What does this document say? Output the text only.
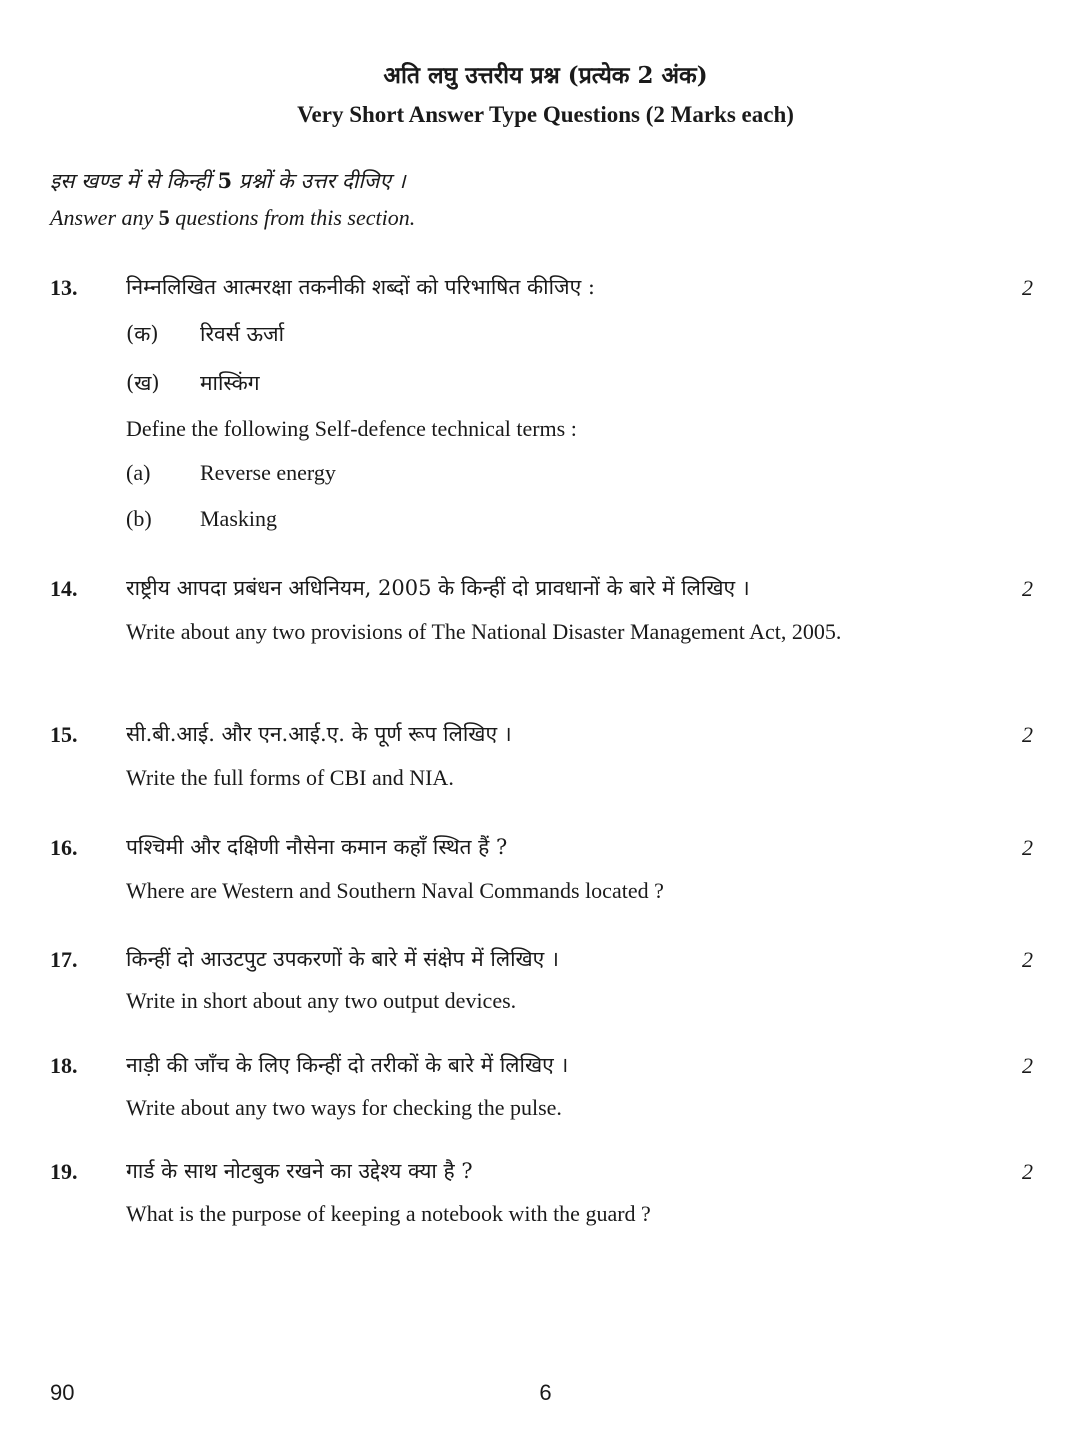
अति लघु उत्तरीय प्रश्न (प्रत्येक 2 अंक)
Very Short Answer Type Questions (2 Marks each)
इस खण्ड में से किन्हीं 5 प्रश्नों के उत्तर दीजिए ।
Answer any 5 questions from this section.
13. निम्नलिखित आत्मरक्षा तकनीकी शब्दों को परिभाषित कीजिए :	2
(क) रिवर्स ऊर्जा
(ख) मास्किंग
Define the following Self-defence technical terms :
(a) Reverse energy
(b) Masking
14. राष्ट्रीय आपदा प्रबंधन अधिनियम, 2005 के किन्हीं दो प्रावधानों के बारे में लिखिए ।	2
Write about any two provisions of The National Disaster Management Act, 2005.
15. सी.बी.आई. और एन.आई.ए. के पूर्ण रूप लिखिए ।	2
Write the full forms of CBI and NIA.
16. पश्चिमी और दक्षिणी नौसेना कमान कहाँ स्थित हैं ?	2
Where are Western and Southern Naval Commands located ?
17. किन्हीं दो आउटपुट उपकरणों के बारे में संक्षेप में लिखिए ।	2
Write in short about any two output devices.
18. नाड़ी की जाँच के लिए किन्हीं दो तरीकों के बारे में लिखिए ।	2
Write about any two ways for checking the pulse.
19. गार्ड के साथ नोटबुक रखने का उद्देश्य क्या है ?	2
What is the purpose of keeping a notebook with the guard ?
90	6
